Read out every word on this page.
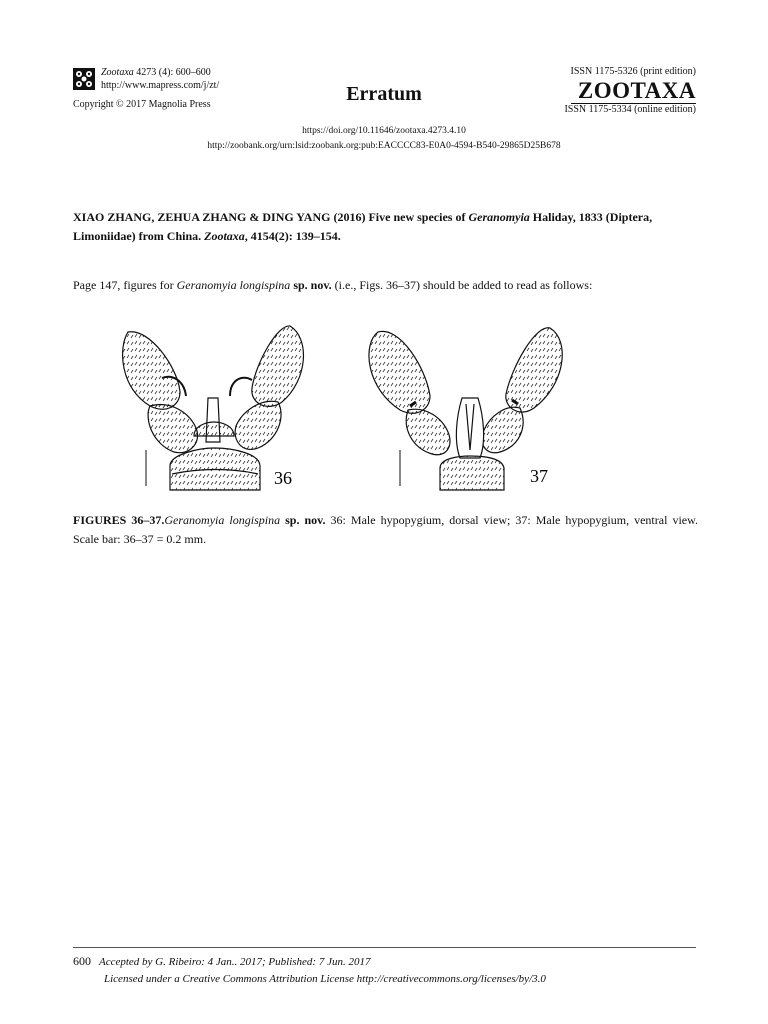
Zootaxa 4273 (4): 600–600
http://www.mapress.com/j/zt/
Copyright © 2017 Magnolia Press	Erratum
ISSN 1175-5326 (print edition)
ZOOTAXA
ISSN 1175-5334 (online edition)
https://doi.org/10.11646/zootaxa.4273.4.10
http://zoobank.org/urn:lsid:zoobank.org:pub:EACCCC83-E0A0-4594-B540-29865D25B678
XIAO ZHANG, ZEHUA ZHANG & DING YANG (2016) Five new species of Geranomyia Haliday, 1833 (Diptera, Limoniidae) from China. Zootaxa, 4154(2): 139–154.
Page 147, figures for Geranomyia longispina sp. nov. (i.e., Figs. 36–37) should be added to read as follows:
36	37
FIGURES 36–37.Geranomyia longispina sp. nov. 36: Male hypopygium, dorsal view; 37: Male hypopygium, ventral view. Scale bar: 36–37 = 0.2 mm.
600 Accepted by G. Ribeiro: 4 Jan.. 2017; Published: 7 Jun. 2017
Licensed under a Creative Commons Attribution License http://creativecommons.org/licenses/by/3.0
